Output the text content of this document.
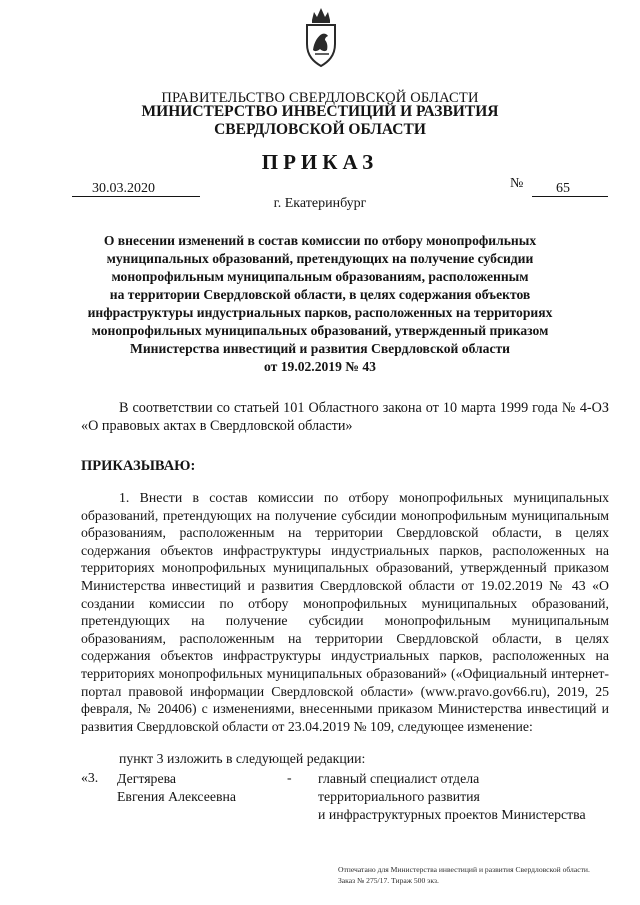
ПРАВИТЕЛЬСТВО СВЕРДЛОВСКОЙ ОБЛАСТИ
МИНИСТЕРСТВО ИНВЕСТИЦИЙ И РАЗВИТИЯ
СВЕРДЛОВСКОЙ ОБЛАСТИ
ПРИКАЗ
30.03.2020	№	65
г. Екатеринбург
О внесении изменений в состав комиссии по отбору монопрофильных
муниципальных образований, претендующих на получение субсидии
монопрофильным муниципальным образованиям, расположенным
на территории Свердловской области, в целях содержания объектов
инфраструктуры индустриальных парков, расположенных на территориях
монопрофильных муниципальных образований, утвержденный приказом
Министерства инвестиций и развития Свердловской области
от 19.02.2019 № 43

В соответствии со статьей 101 Областного закона от 10 марта 1999 года № 4-ОЗ «О правовых актах в Свердловской области»

ПРИКАЗЫВАЮ:

1. Внести в состав комиссии по отбору монопрофильных муниципальных образований, претендующих на получение субсидии монопрофильным муниципальным образованиям, расположенным на территории Свердловской области, в целях содержания объектов инфраструктуры индустриальных парков, расположенных на территориях монопрофильных муниципальных образований, утвержденный приказом Министерства инвестиций и развития Свердловской области от 19.02.2019 № 43 «О создании комиссии по отбору монопрофильных муниципальных образований, претендующих на получение субсидии монопрофильным муниципальным образованиям, расположенным на территории Свердловской области, в целях содержания объектов инфраструктуры индустриальных парков, расположенных на территориях монопрофильных муниципальных образований» («Официальный интернет-портал правовой информации Свердловской области» (www.pravo.gov66.ru), 2019, 25 февраля, № 20406) с изменениями, внесенными приказом Министерства инвестиций и развития Свердловской области от 23.04.2019 № 109, следующее изменение:

пункт 3 изложить в следующей редакции:
«3. Дегтярева
Евгения Алексеевна
- главный специалист отдела
территориального развития
и инфраструктурных проектов Министерства
Отпечатано для Министерства инвестиций и развития Свердловской области.
Заказ № 275/17. Тираж 500 экз.
